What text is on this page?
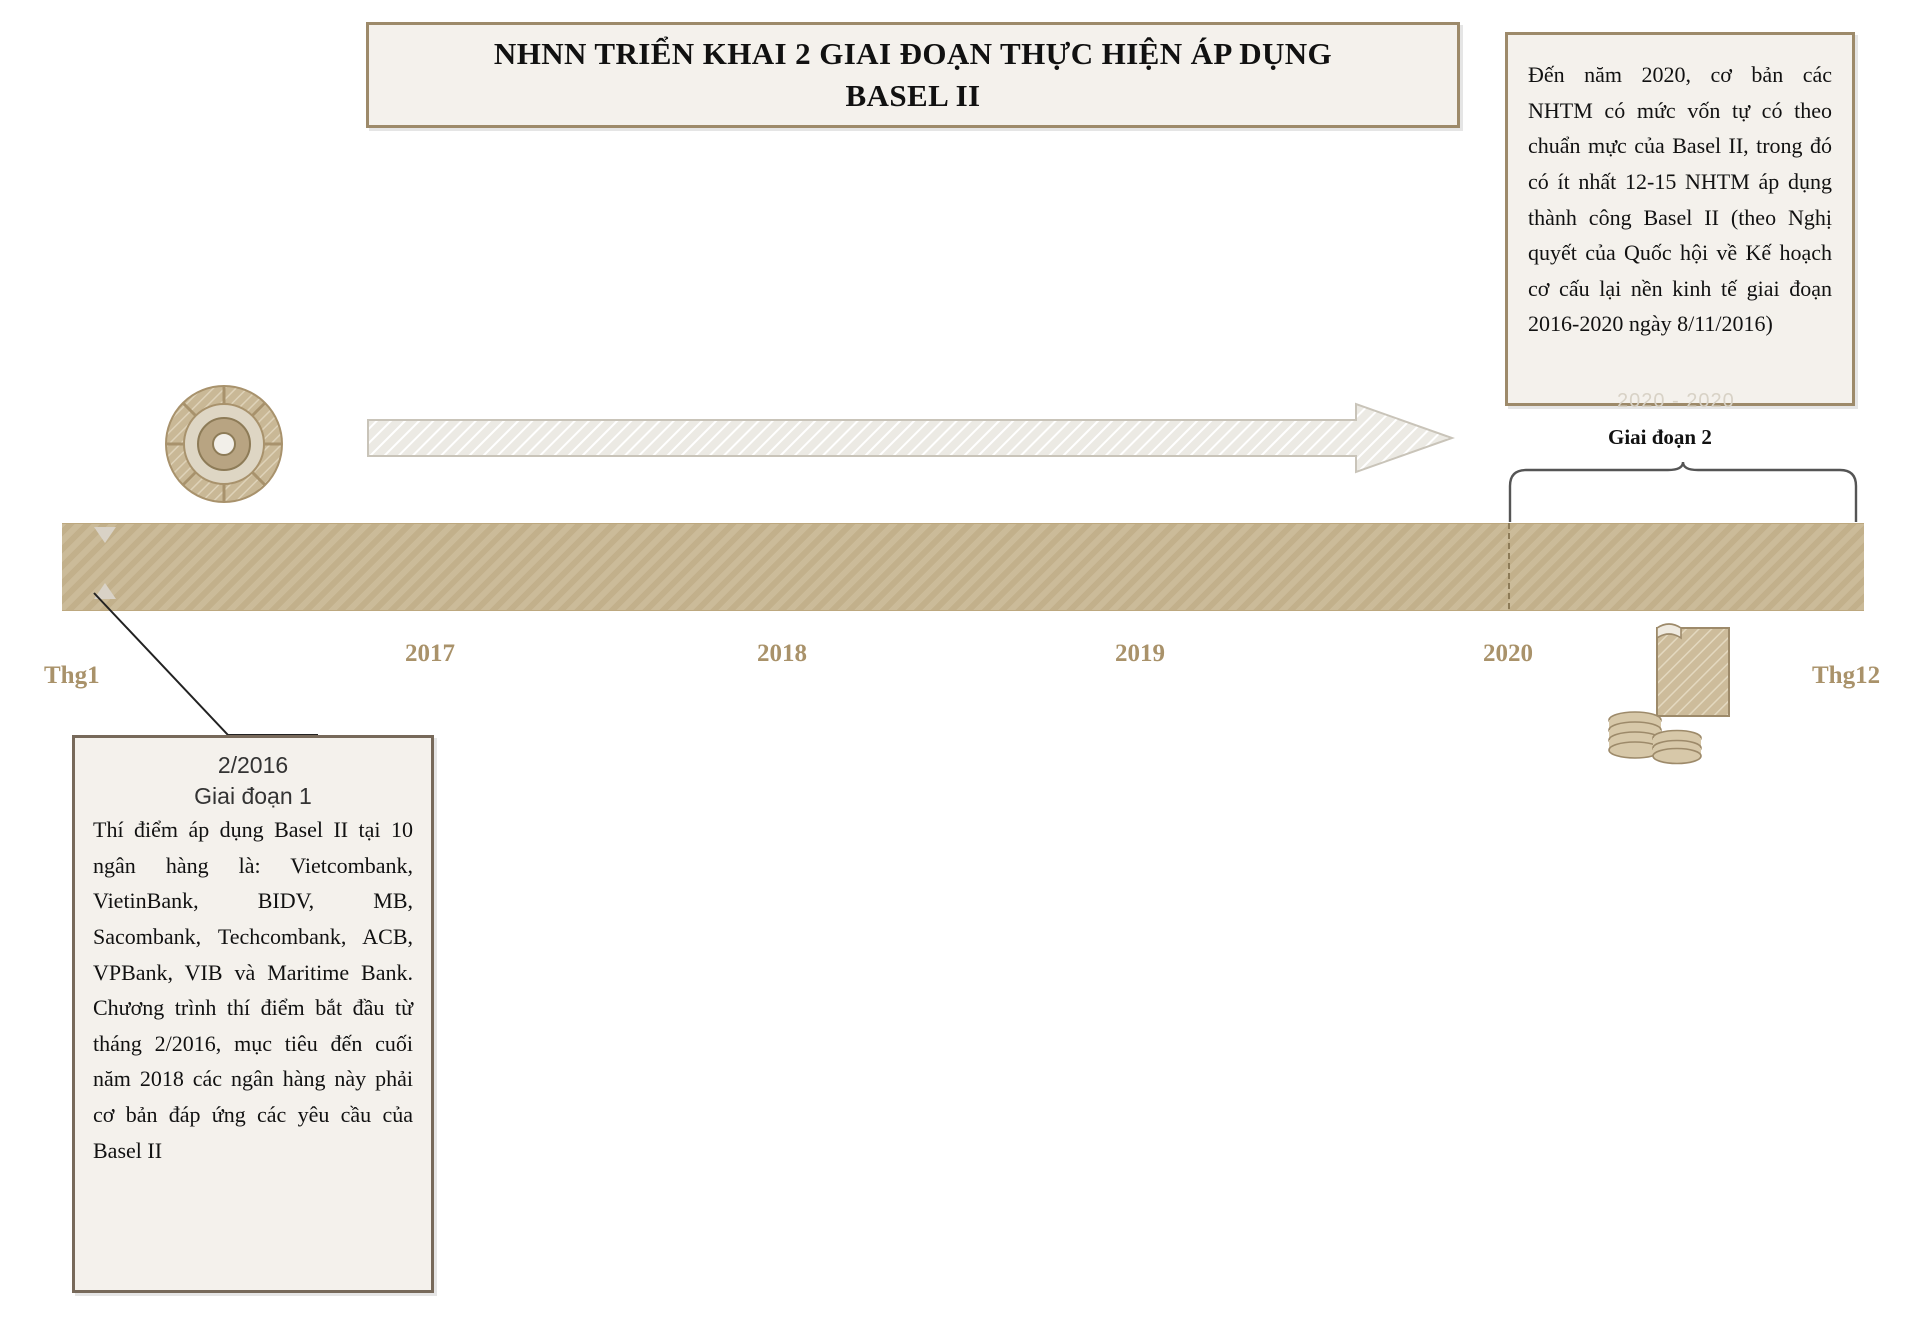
NHNN TRIỂN KHAI 2 GIAI ĐOẠN THỰC HIỆN ÁP DỤNG
BASEL II

Đến năm 2020, cơ bản các NHTM có mức vốn tự có theo chuẩn mực của Basel II, trong đó có ít nhất 12-15 NHTM áp dụng thành công Basel II (theo Nghị quyết của Quốc hội về Kế hoạch cơ cấu lại nền kinh tế giai đoạn 2016-2020 ngày 8/11/2016)

2020 - 2020
Giai đoạn 2
2017	2018	2019	2020
Thg1	Thg12

2/2016

Giai đoạn 1

Thí điểm áp dụng Basel II tại 10 ngân hàng là: Vietcombank, VietinBank, BIDV, MB, Sacombank, Techcombank, ACB, VPBank, VIB và Maritime Bank. Chương trình thí điểm bắt đầu từ tháng 2/2016, mục tiêu đến cuối năm 2018 các ngân hàng này phải cơ bản đáp ứng các yêu cầu của Basel II
